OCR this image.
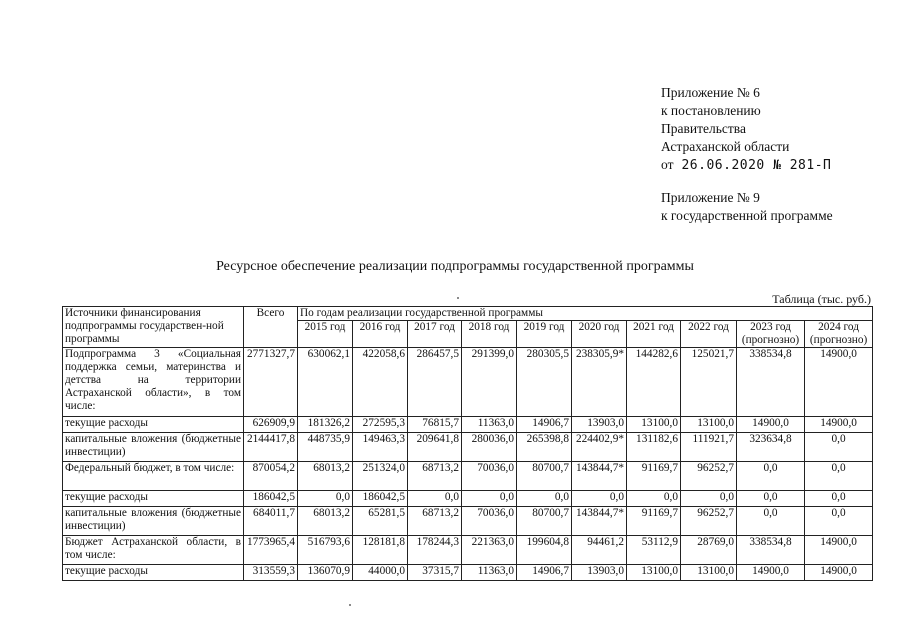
Приложение № 6
к постановлению
Правительства
Астраханской области
от 26.06.2020 № 281-П
Приложение № 9
к государственной программе
Ресурсное обеспечение реализации подпрограммы государственной программы
Таблица (тыс. руб.)
Источники финансирования подпрограммы государствен-ной программы	Всего	По годам реализации государственной программы									
		2015 год	2016 год	2017 год	2018 год	2019 год	2020 год	2021 год	2022 год	2023 год (прогнозно)	2024 год (прогнозно)
Подпрограмма 3 «Социальная поддержка семьи, материнства и детства на территории Астраханской области», в том числе:	2771327,7	630062,1	422058,6	286457,5	291399,0	280305,5	238305,9*	144282,6	125021,7	338534,8	14900,0
текущие расходы	626909,9	181326,2	272595,3	76815,7	11363,0	14906,7	13903,0	13100,0	13100,0	14900,0	14900,0
капитальные вложения (бюджетные инвестиции)	2144417,8	448735,9	149463,3	209641,8	280036,0	265398,8	224402,9*	131182,6	111921,7	323634,8	0,0
Федеральный бюджет, в том числе:	870054,2	68013,2	251324,0	68713,2	70036,0	80700,7	143844,7*	91169,7	96252,7	0,0	0,0
текущие расходы	186042,5	0,0	186042,5	0,0	0,0	0,0	0,0	0,0	0,0	0,0	0,0
капитальные вложения (бюджетные инвестиции)	684011,7	68013,2	65281,5	68713,2	70036,0	80700,7	143844,7*	91169,7	96252,7	0,0	0,0
Бюджет Астраханской области, в том числе:	1773965,4	516793,6	128181,8	178244,3	221363,0	199604,8	94461,2	53112,9	28769,0	338534,8	14900,0
текущие расходы	313559,3	136070,9	44000,0	37315,7	11363,0	14906,7	13903,0	13100,0	13100,0	14900,0	14900,0
